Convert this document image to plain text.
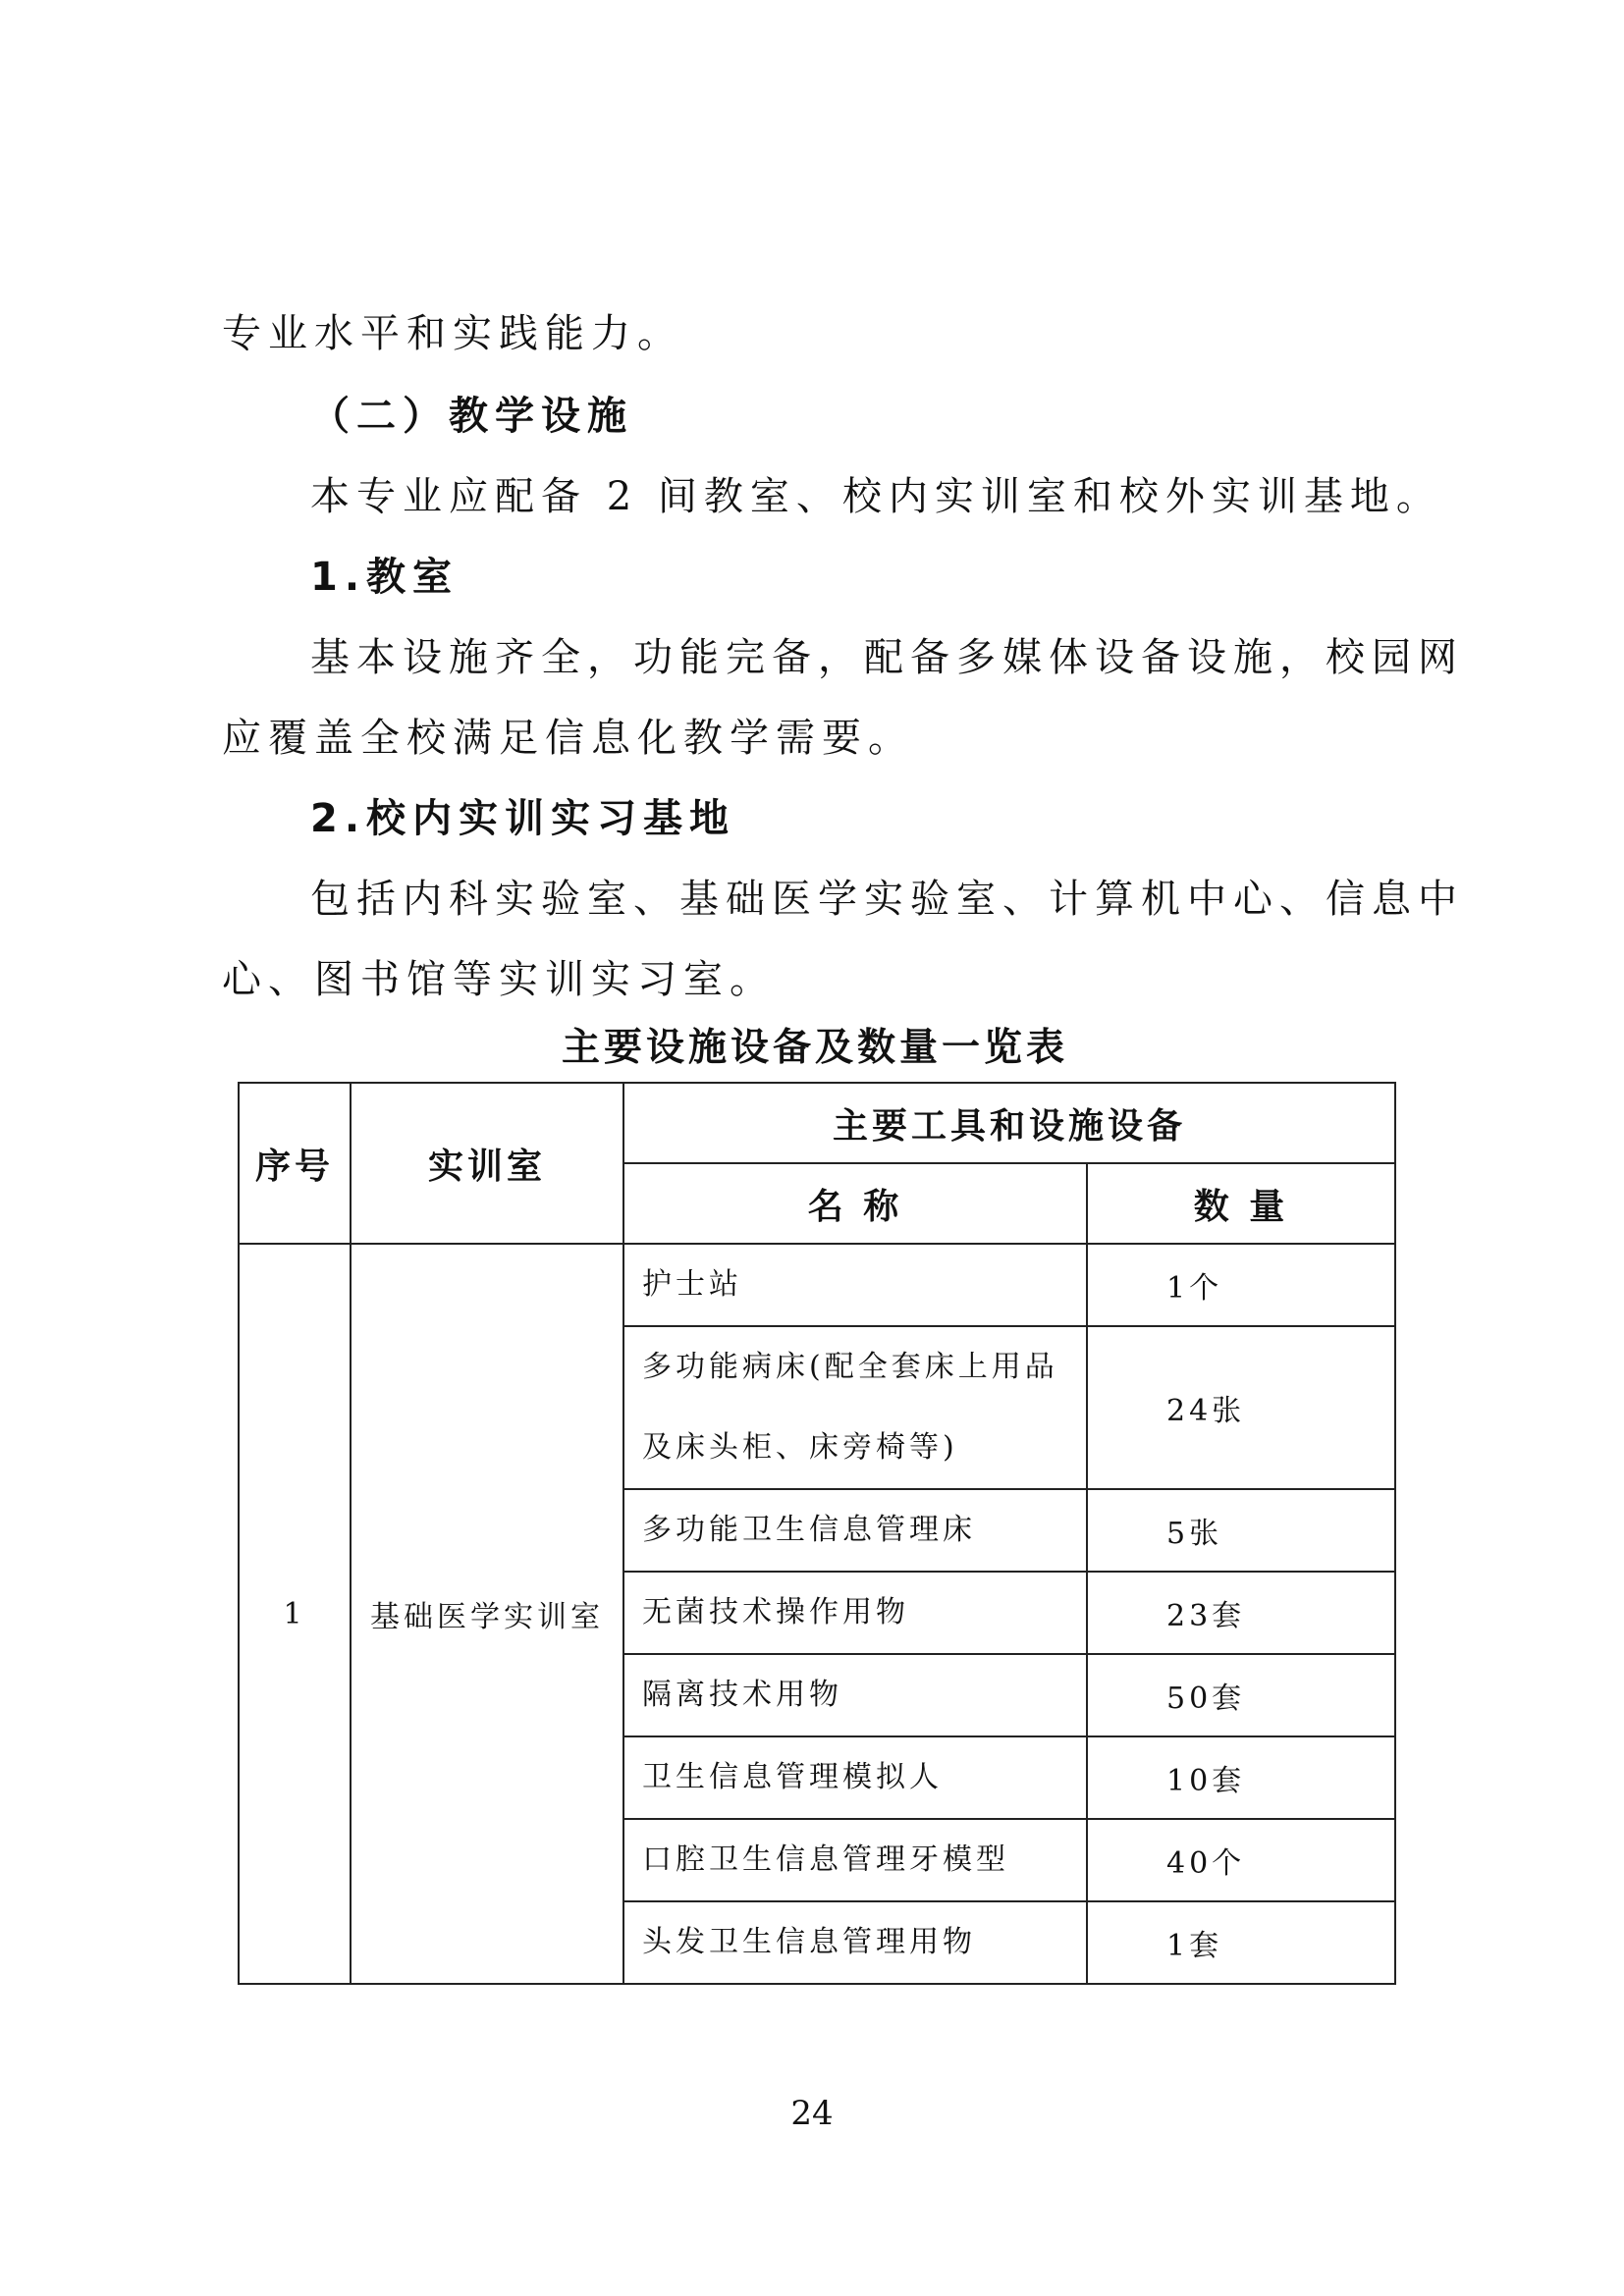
专业水平和实践能力。
（二）教学设施
本专业应配备 2 间教室、校内实训室和校外实训基地。
1.教室
基本设施齐全，功能完备，配备多媒体设备设施，校园网
应覆盖全校满足信息化教学需要。
2.校内实训实习基地
包括内科实验室、基础医学实验室、计算机中心、信息中
心、图书馆等实训实习室。
主要设施设备及数量一览表
序号	实训室	主要工具和设施设备	
		名 称	数 量
1	基础医学实训室	护士站	1个
		多功能病床(配全套床上用品
及床头柜、床旁椅等)	24张
		多功能卫生信息管理床	5张
		无菌技术操作用物	23套
		隔离技术用物	50套
		卫生信息管理模拟人	10套
		口腔卫生信息管理牙模型	40个
		头发卫生信息管理用物	1套
24
